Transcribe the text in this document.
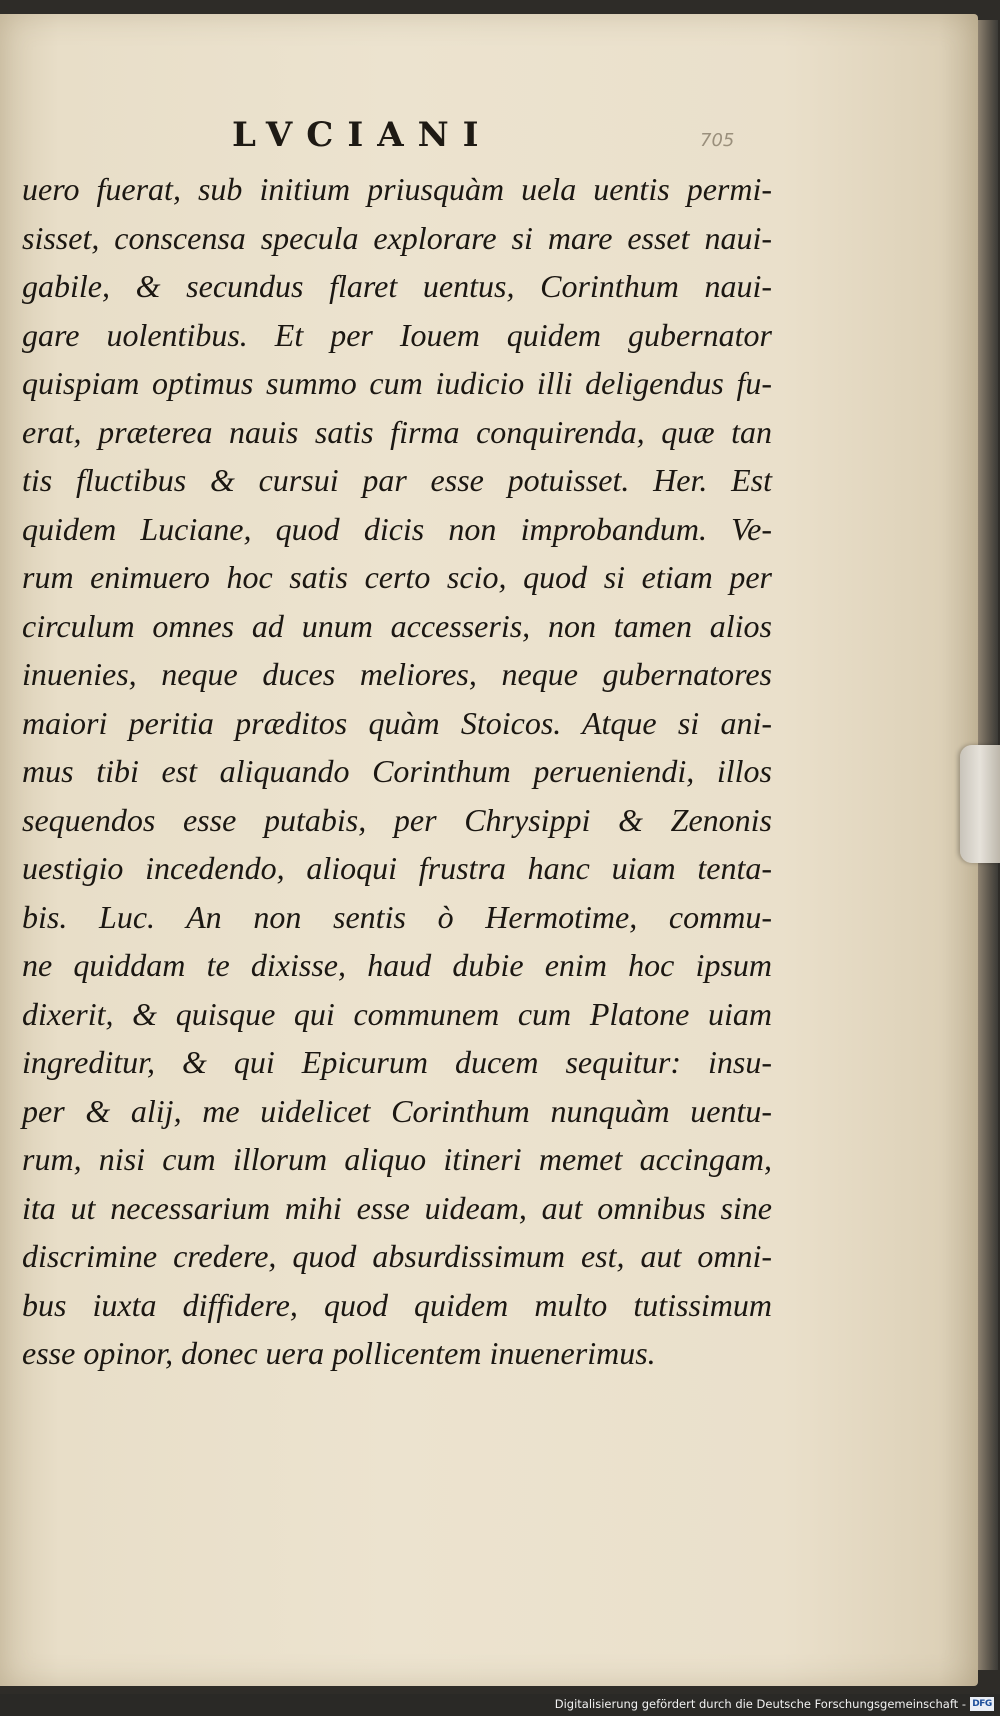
LVCIANI	705
uero fuerat, sub initium priusquàm uela uentis permi-
sisset, conscensa specula explorare si mare esset naui-
gabile, & secundus flaret uentus, Corinthum naui-
gare uolentibus. Et per Iouem quidem gubernator
quispiam optimus summo cum iudicio illi deligendus fu-
erat, præterea nauis satis firma conquirenda, quæ tan
tis fluctibus & cursui par esse potuisset. Her. Est
quidem Luciane, quod dicis non improbandum. Ve-
rum enimuero hoc satis certo scio, quod si etiam per
circulum omnes ad unum accesseris, non tamen alios
inuenies, neque duces meliores, neque gubernatores
maiori peritia præditos quàm Stoicos. Atque si ani-
mus tibi est aliquando Corinthum perueniendi, illos
sequendos esse putabis, per Chrysippi & Zenonis
uestigio incedendo, alioqui frustra hanc uiam tenta-
bis. Luc. An non sentis ò Hermotime, commu-
ne quiddam te dixisse, haud dubie enim hoc ipsum
dixerit, & quisque qui communem cum Platone uiam
ingreditur, & qui Epicurum ducem sequitur: insu-
per & alij, me uidelicet Corinthum nunquàm uentu-
rum, nisi cum illorum aliquo itineri memet accingam,
ita ut necessarium mihi esse uideam, aut omnibus sine
discrimine credere, quod absurdissimum est, aut omni-
bus iuxta diffidere, quod quidem multo tutissimum
esse opinor, donec uera pollicentem inuenerimus.
Digitalisierung gefördert durch die Deutsche Forschungsgemeinschaft - DFG
